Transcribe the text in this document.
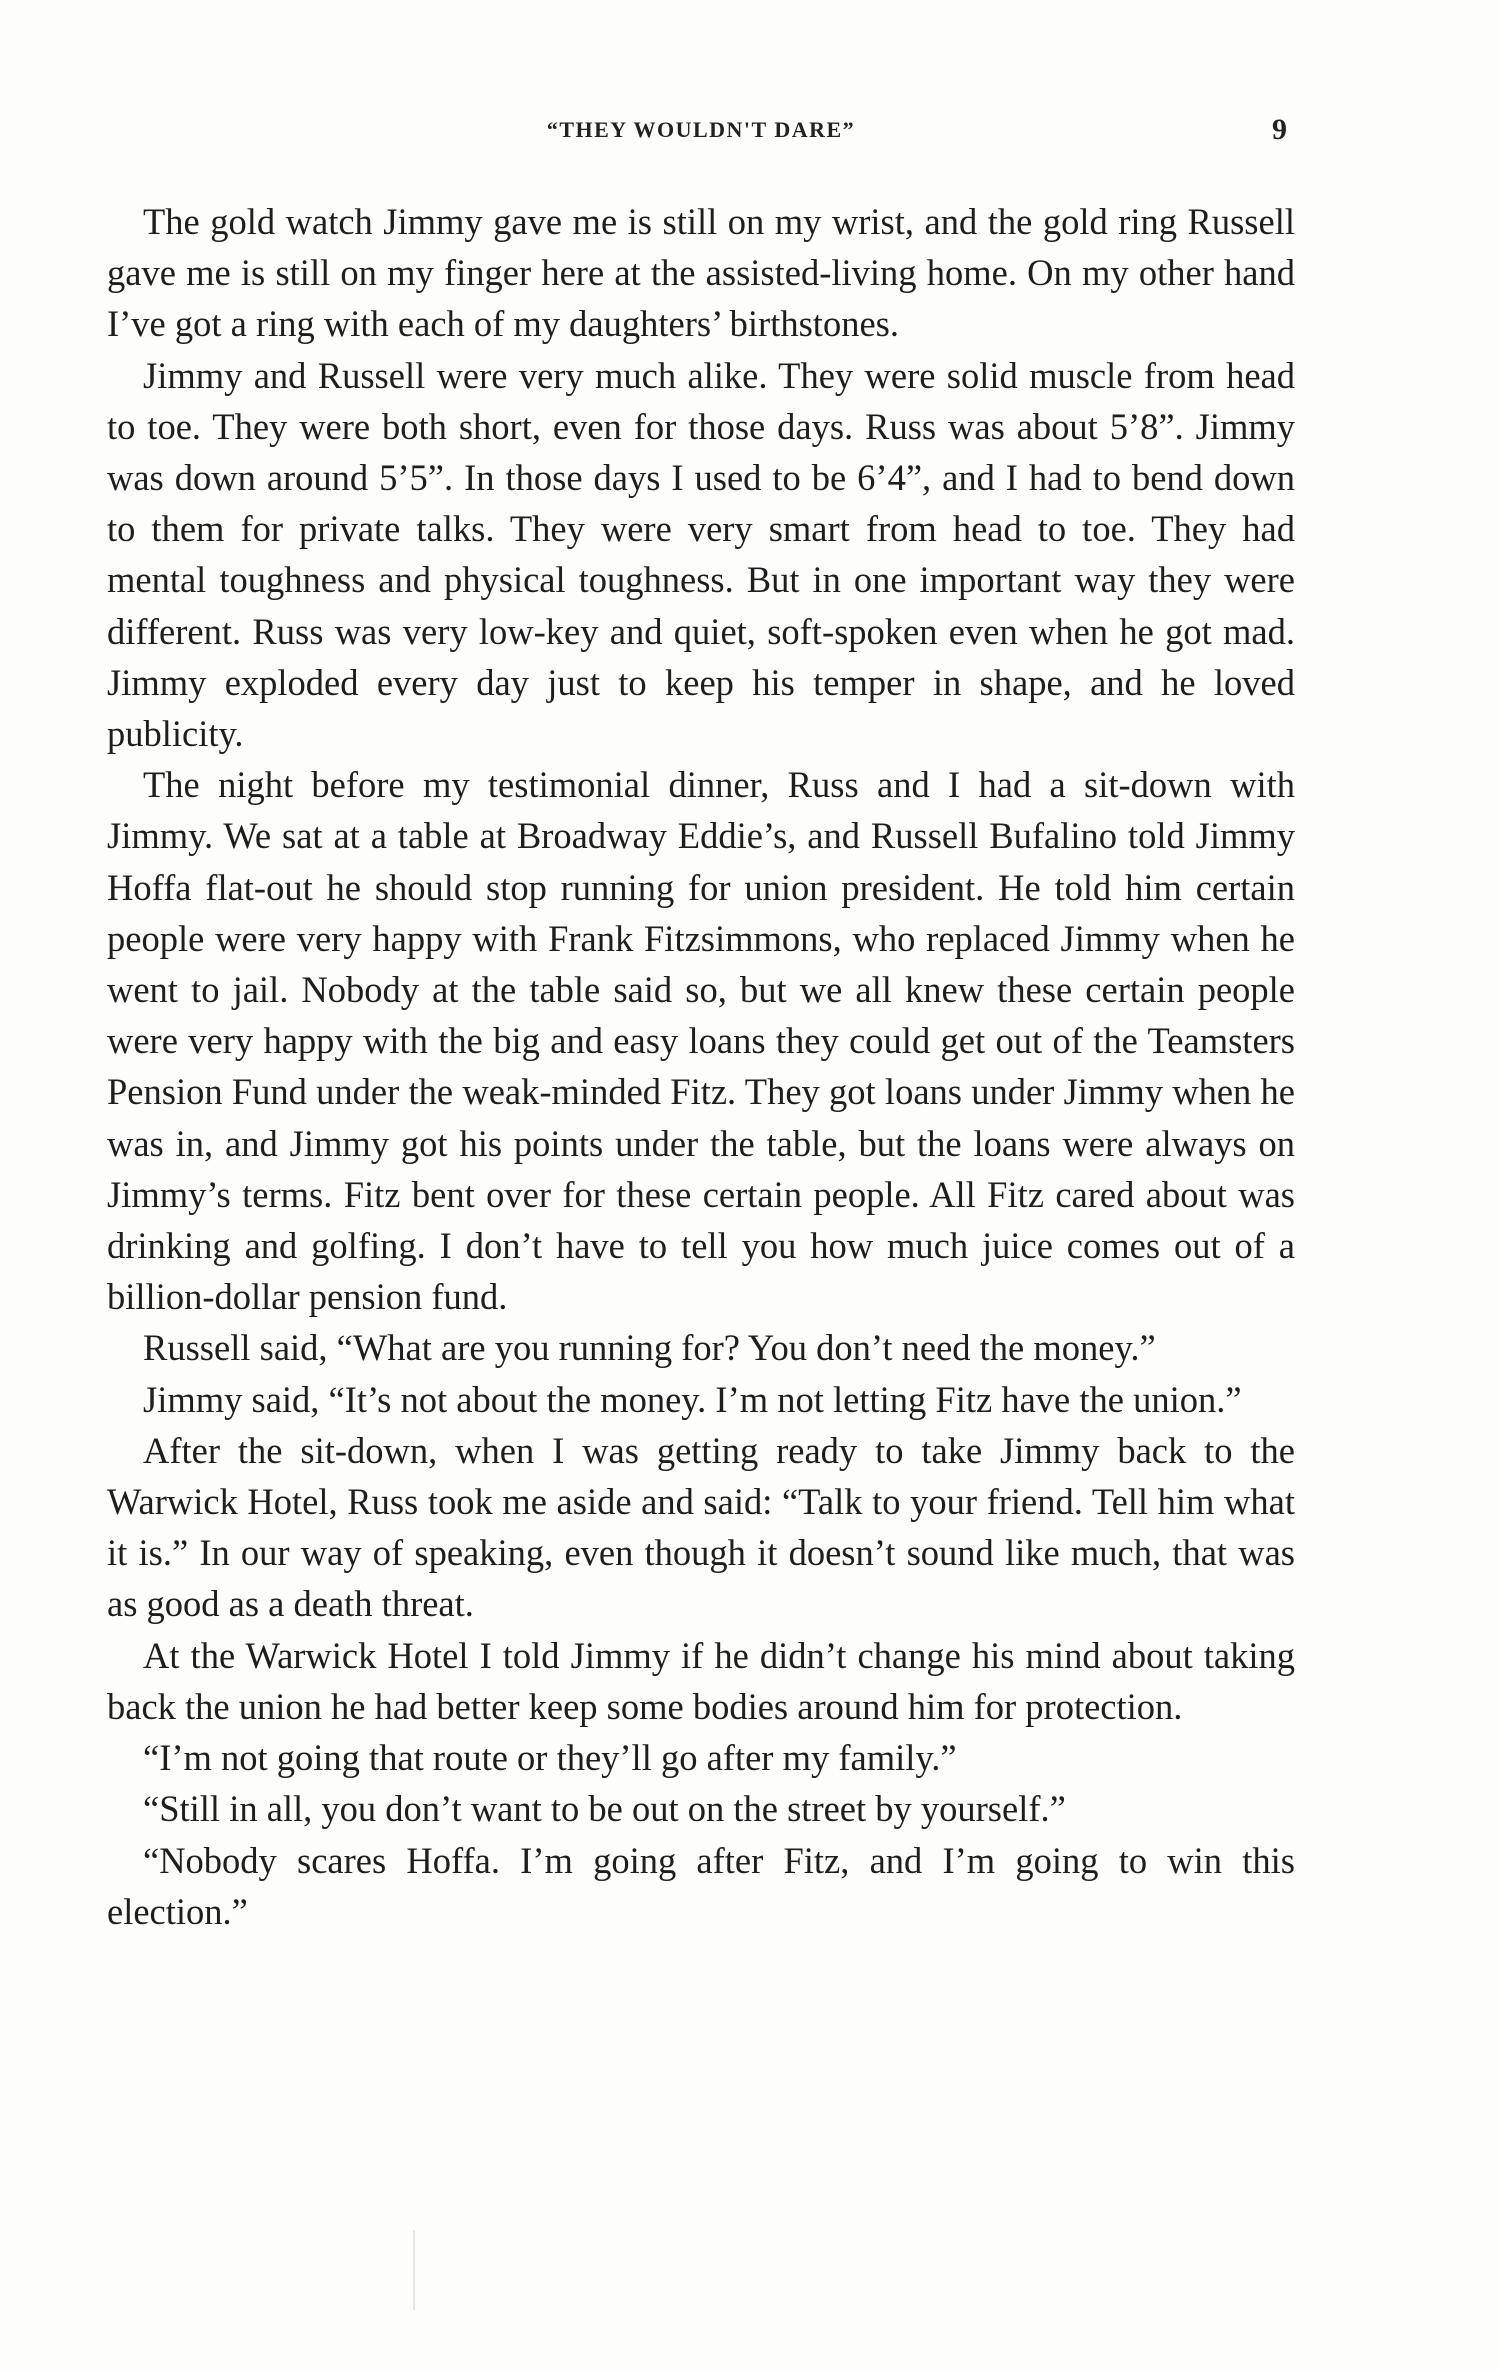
“THEY WOULDN'T DARE”	9

The gold watch Jimmy gave me is still on my wrist, and the gold ring Russell gave me is still on my finger here at the assisted-living home. On my other hand I’ve got a ring with each of my daughters’ birthstones.

Jimmy and Russell were very much alike. They were solid muscle from head to toe. They were both short, even for those days. Russ was about 5’8”. Jimmy was down around 5’5”. In those days I used to be 6’4”, and I had to bend down to them for private talks. They were very smart from head to toe. They had mental toughness and physical toughness. But in one important way they were different. Russ was very low-key and quiet, soft-spoken even when he got mad. Jimmy exploded every day just to keep his temper in shape, and he loved publicity.

The night before my testimonial dinner, Russ and I had a sit-down with Jimmy. We sat at a table at Broadway Eddie’s, and Russell Bufalino told Jimmy Hoffa flat-out he should stop running for union president. He told him certain people were very happy with Frank Fitzsimmons, who replaced Jimmy when he went to jail. Nobody at the table said so, but we all knew these certain people were very happy with the big and easy loans they could get out of the Teamsters Pension Fund under the weak-minded Fitz. They got loans under Jimmy when he was in, and Jimmy got his points under the table, but the loans were always on Jimmy’s terms. Fitz bent over for these certain people. All Fitz cared about was drinking and golfing. I don’t have to tell you how much juice comes out of a billion-dollar pension fund.

Russell said, “What are you running for? You don’t need the money.”

Jimmy said, “It’s not about the money. I’m not letting Fitz have the union.”

After the sit-down, when I was getting ready to take Jimmy back to the Warwick Hotel, Russ took me aside and said: “Talk to your friend. Tell him what it is.” In our way of speaking, even though it doesn’t sound like much, that was as good as a death threat.

At the Warwick Hotel I told Jimmy if he didn’t change his mind about taking back the union he had better keep some bodies around him for protection.

“I’m not going that route or they’ll go after my family.”

“Still in all, you don’t want to be out on the street by yourself.”

“Nobody scares Hoffa. I’m going after Fitz, and I’m going to win this election.”
